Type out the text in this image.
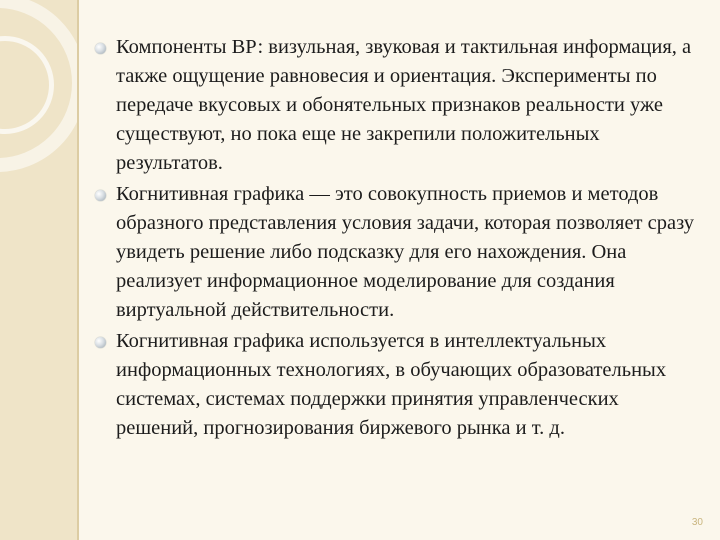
Компоненты ВР: визульная, звуковая и тактильная информация, а также ощущение равновесия и ориентация. Эксперименты по передаче вкусовых и обонятельных признаков реальности уже существуют, но пока еще не закрепили положительных результатов.
Когнитивная графика — это совокупность приемов и методов образного представления условия задачи, которая позволяет сразу увидеть решение либо подсказку для его нахождения. Она реализует информационное моделирование для создания виртуальной действительности.
Когнитивная графика используется в интеллектуальных информационных технологиях, в обучающих образовательных системах, системах поддержки принятия управленческих решений, прогнозирования биржевого рынка и т. д.
30
